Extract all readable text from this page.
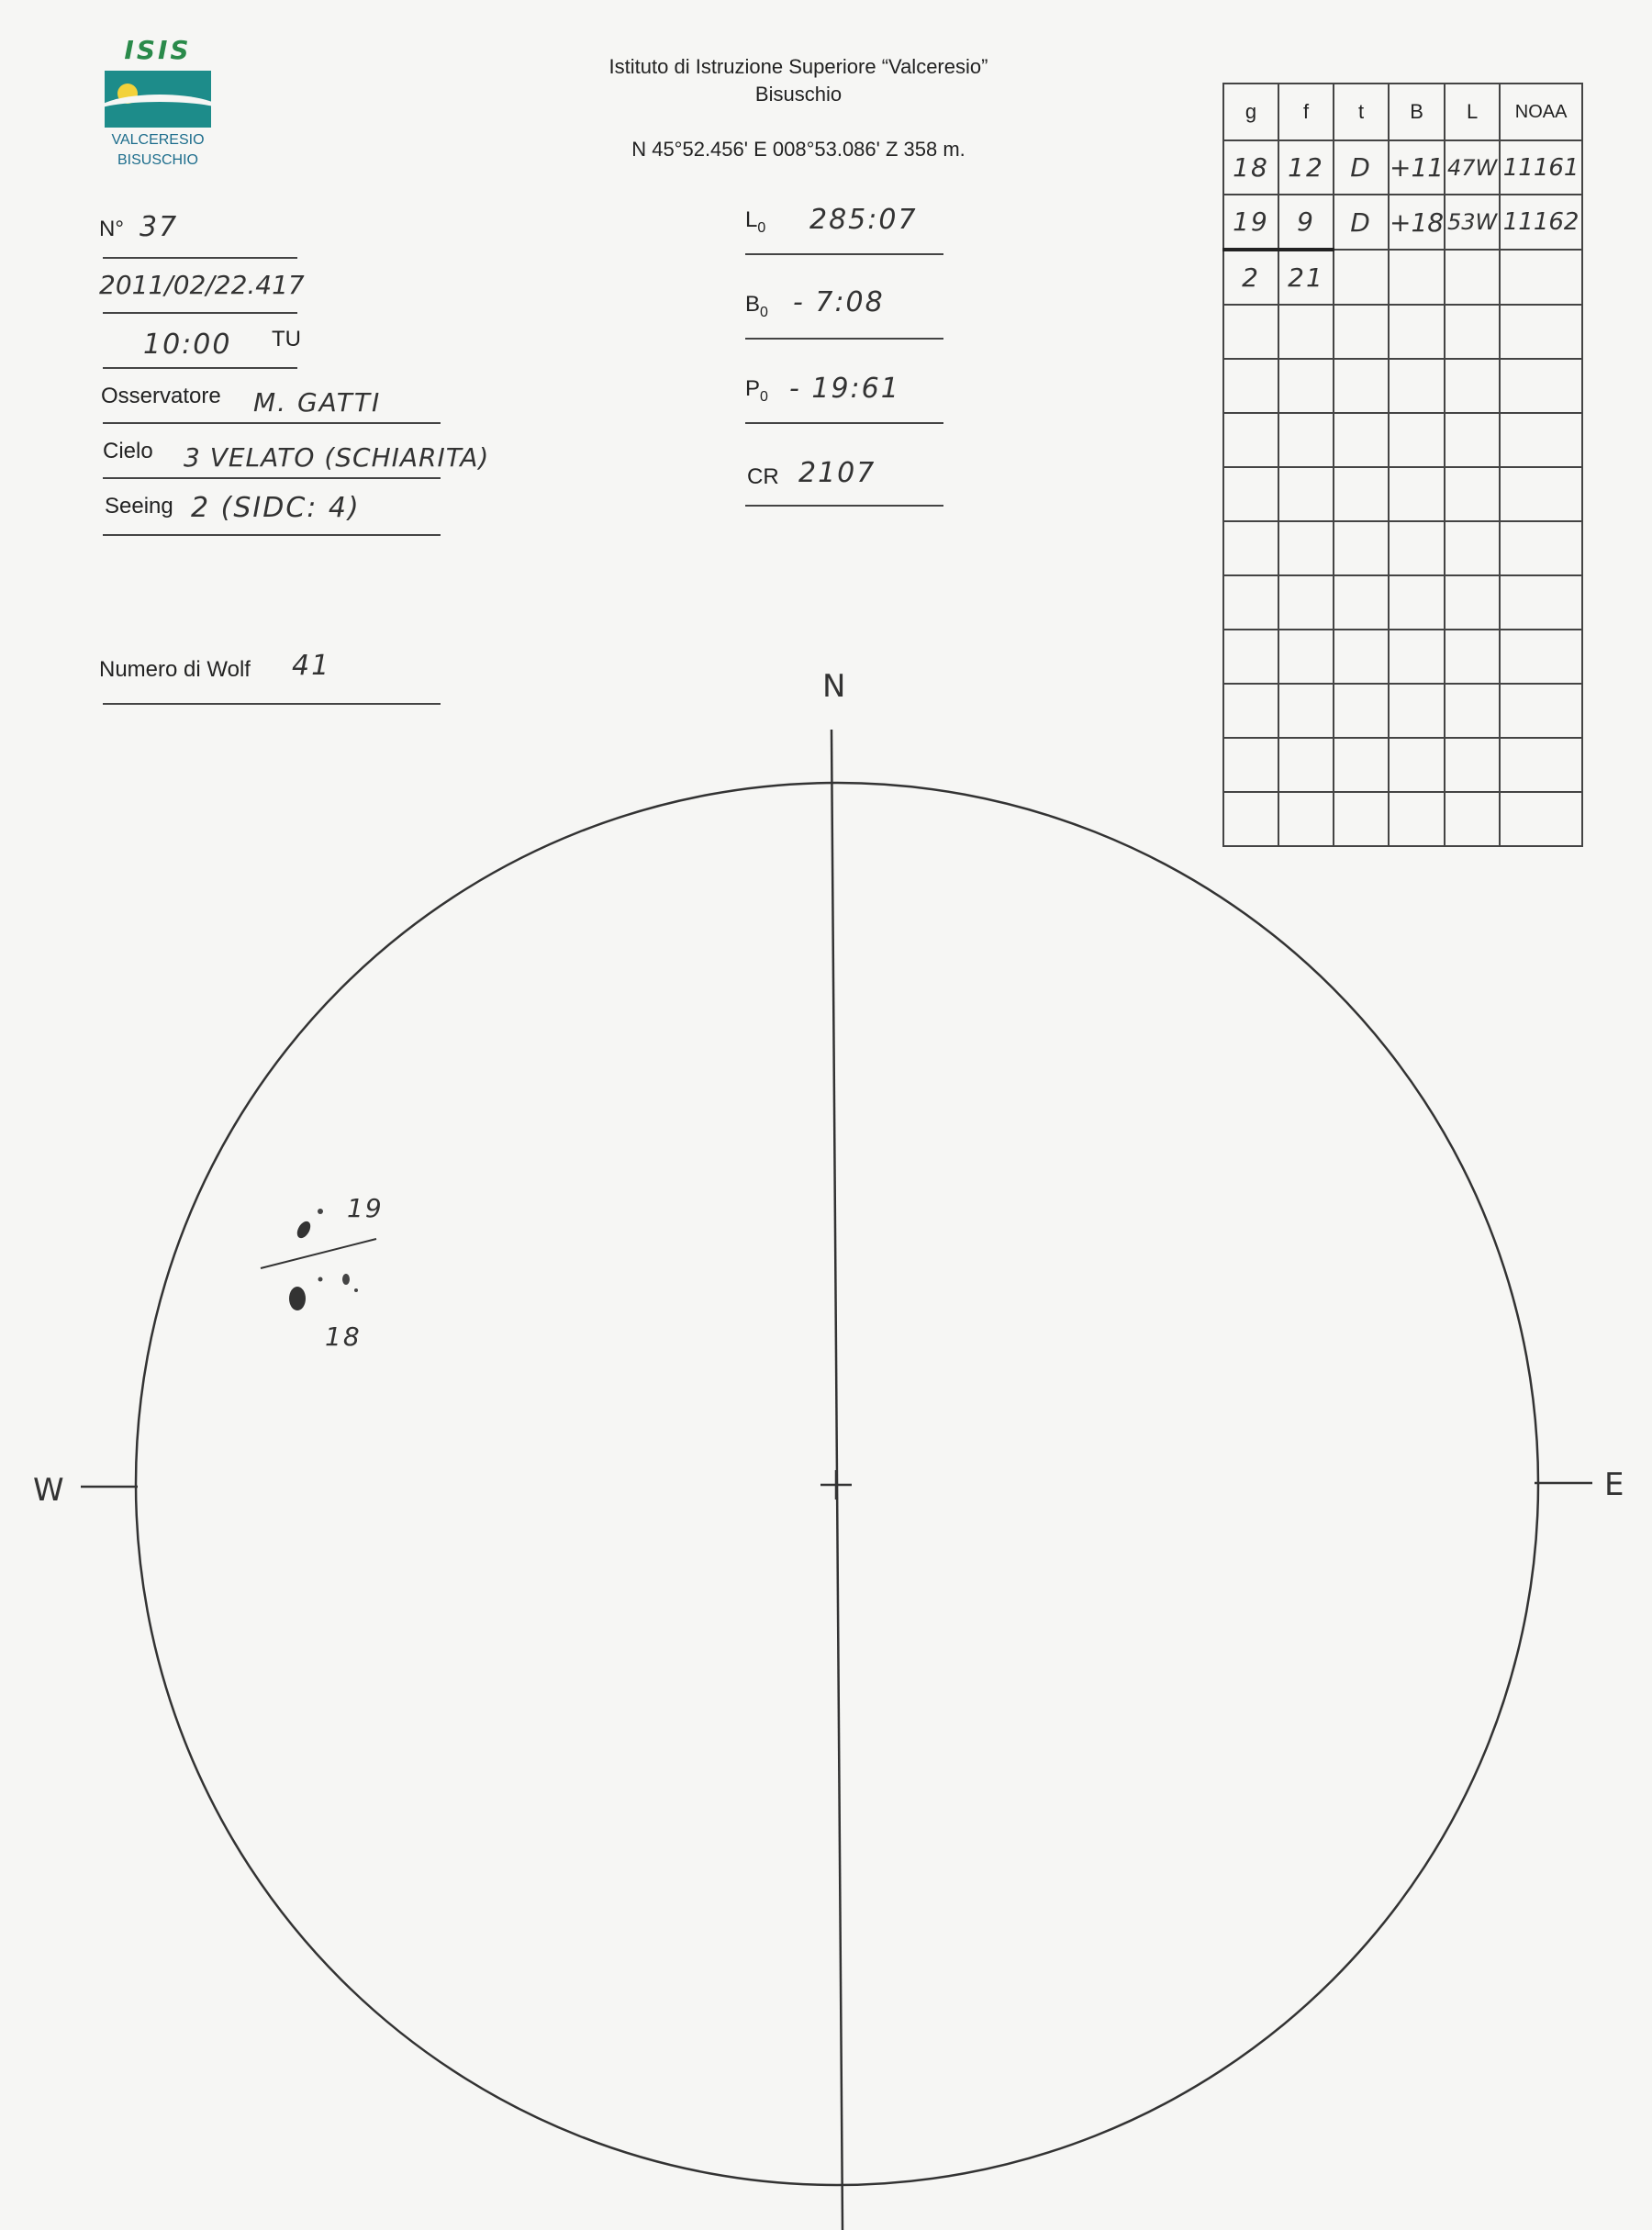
ISIS
VALCERESIO
BISUSCHIO
Istituto di Istruzione Superiore “Valceresio”
Bisuschio
N 45°52.456' E 008°53.086' Z 358 m.
N° 37
2011/02/22.417
10:00 TU
Osservatore M. GATTI
Cielo 3 VELATO (SCHIARITA)
Seeing 2 (SIDC: 4)
Numero di Wolf 41
$L_0$ 285:07
$B_0$ - 7:08
$P_0$ - 19:61
CR 2107
g	f	t	B	L	NOAA
18	12	D	+11	47W	11161
19	9	D	+18	53W	11162
2	21				

N
W	E
19
18
